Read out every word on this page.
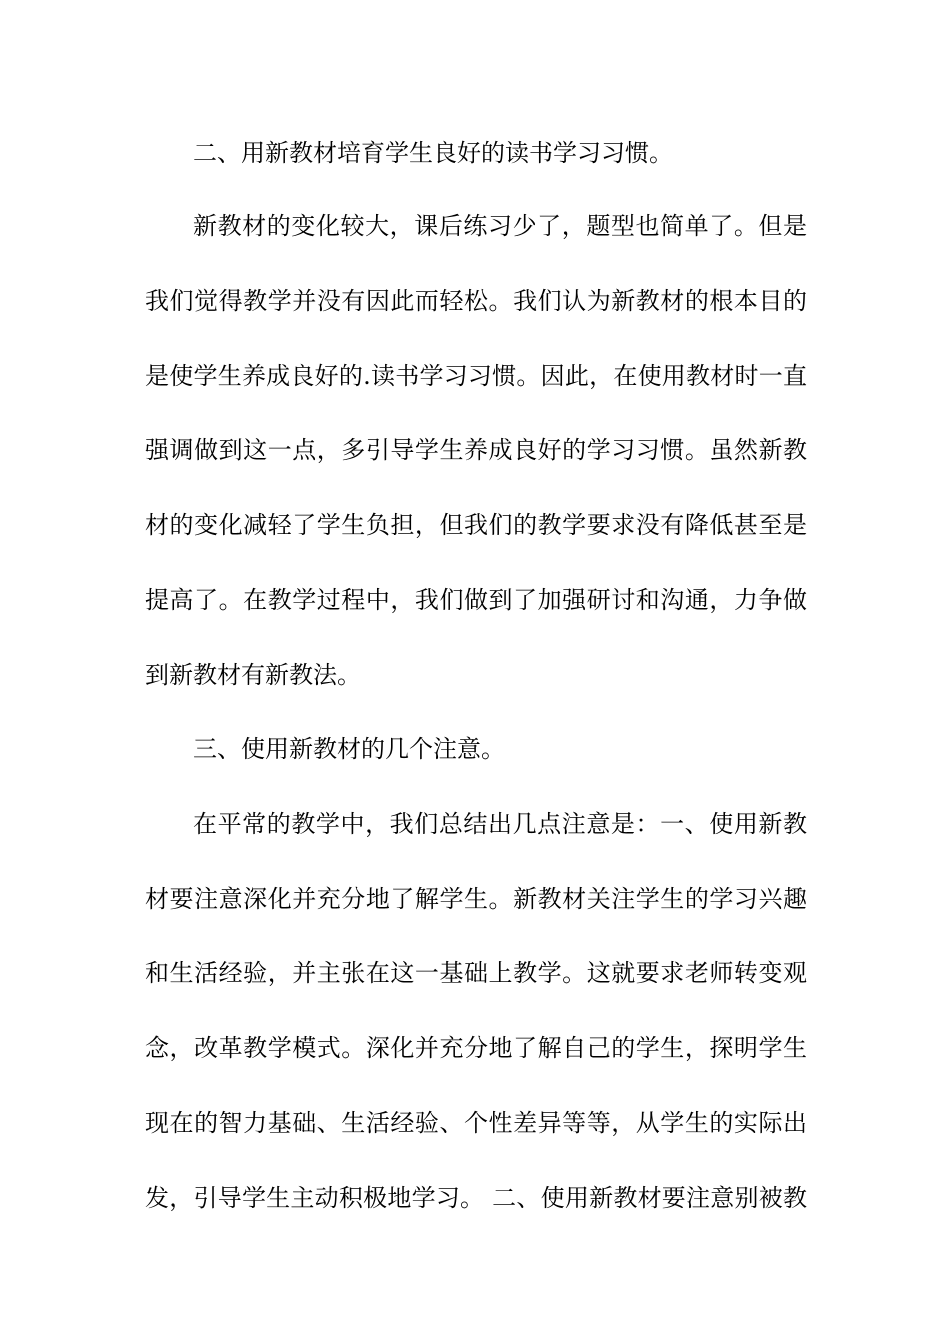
二、用新教材培育学生良好的读书学习习惯。
新教材的变化较大，课后练习少了，题型也简单了。但是
我们觉得教学并没有因此而轻松。我们认为新教材的根本目的
是使学生养成良好的.读书学习习惯。因此，在使用教材时一直
强调做到这一点，多引导学生养成良好的学习习惯。虽然新教
材的变化减轻了学生负担，但我们的教学要求没有降低甚至是
提高了。在教学过程中，我们做到了加强研讨和沟通，力争做
到新教材有新教法。
三、使用新教材的几个注意。
在平常的教学中，我们总结出几点注意是：一、使用新教
材要注意深化并充分地了解学生。新教材关注学生的学习兴趣
和生活经验，并主张在这一基础上教学。这就要求老师转变观
念，改革教学模式。深化并充分地了解自己的学生，探明学生
现在的智力基础、生活经验、个性差异等等，从学生的实际出
发，引导学生主动积极地学习。 二、使用新教材要注意别被教
